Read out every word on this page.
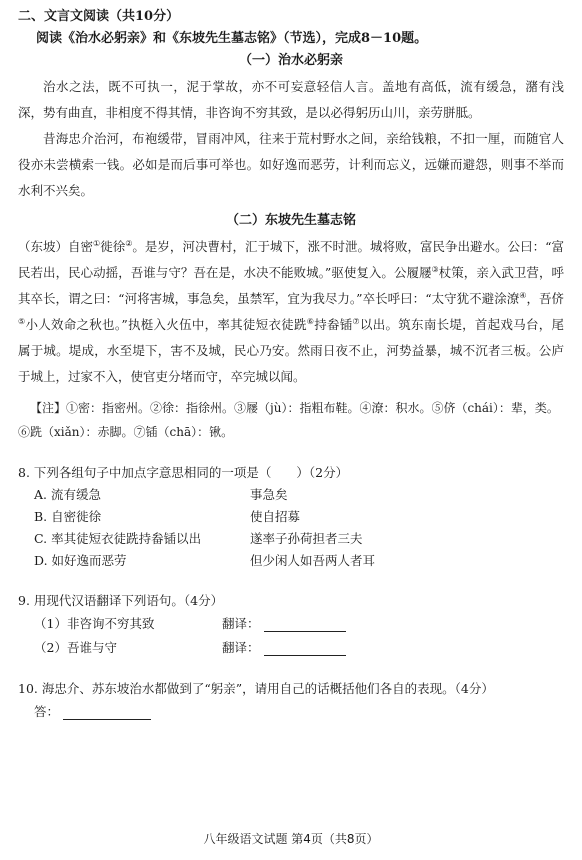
二、文言文阅读（共10分）

阅读《治水必躬亲》和《东坡先生墓志铭》（节选），完成8－10题。

（一）治水必躬亲

治水之法，既不可执一，泥于掌故，亦不可妄意轻信人言。盖地有高低，流有缓急，潴有浅深，势有曲直，非相度不得其情，非咨询不穷其致，是以必得躬历山川，亲劳胼胝。

昔海忠介治河，布袍缓带，冒雨冲风，往来于荒村野水之间，亲给钱粮，不扣一厘，而随官人役亦未尝横索一钱。必如是而后事可举也。如好逸而恶劳，计利而忘义，远嫌而避怨，则事不举而水利不兴矣。

（二）东坡先生墓志铭

（东坡）自密①徙徐②。是岁，河决曹村，汇于城下，涨不时泄。城将败，富民争出避水。公曰：“富民若出，民心动摇，吾谁与守？吾在是，水决不能败城。”驱使复入。公履屦③杖策，亲入武卫营，呼其卒长，谓之曰：“河将害城，事急矣，虽禁军，宜为我尽力。”卒长呼曰：“太守犹不避涂潦④，吾侪⑤小人效命之秋也。”执梃入火伍中，率其徒短衣徒跣⑥持畚锸⑦以出。筑东南长堤，首起戏马台，尾属于城。堤成，水至堤下，害不及城，民心乃安。然雨日夜不止，河势益暴，城不沉者三板。公庐于城上，过家不入，使官吏分堵而守，卒完城以闻。

【注】①密：指密州。②徐：指徐州。③屦（jù）：指粗布鞋。④潦：积水。⑤侪（chái）：辈，类。

⑥跣（xiǎn）：赤脚。⑦锸（chā）：锹。

8. 下列各组句子中加点字意思相同的一项是（　　）（2分）

A. 流有缓急	事急矣
B. 自密徙徐	使自招募
C. 率其徒短衣徒跣持畚锸以出	遂率子孙荷担者三夫
D. 如好逸而恶劳	但少闲人如吾两人者耳

9. 用现代汉语翻译下列语句。（4分）

（1）非咨询不穷其致	翻译：
（2）吾谁与守	翻译：

10. 海忠介、苏东坡治水都做到了“躬亲”，请用自己的话概括他们各自的表现。（4分）

答：
八年级语文试题 第4页（共8页）
